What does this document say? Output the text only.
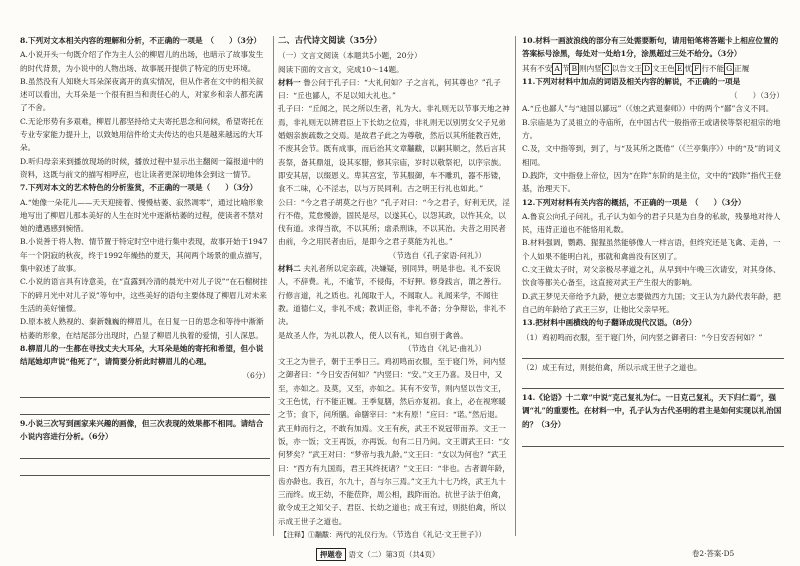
8.下列对文本相关内容的理解和分析，不正确的一项是　（　　）（3分）

A.小说开头一句既介绍了作为主人公的柳眉儿的出场，也暗示了故事发生的时代背景，为小说中的人物出场、故事展开提供了特定的历史环境。

B.虽然没有人知晓大耳朵深夜离开的真实情况，但从作者在文中的相关叙述可以看出，大耳朵是一个很有担当和责任心的人，对家乡和亲人都充满了不舍。

C.无论形势有多艰难，柳眉儿都坚持给丈夫寄托思念和问候，希望寄托在专业专家能力提升上，以致她用信件给丈夫传达的也只是越来越远的大耳朵。

D.听归母亲来到播放现场的时候，播放过程中显示出主翻阅一篇报道中的资料，这既与前文的描写相呼应，也让读者更深切地体会到这一情节。

7.下列对本文的艺术特色的分析鉴赏，不正确的一项是（　　）（3分）

A.“她像一朵花儿——天天迎接着、慢慢枯萎、寂然凋零”，通过比喻形象地写出了柳眉儿那本美好的人生在时光中逐渐枯萎的过程，使读者不禁对她的遭遇感到惋惜。

B.小说善于将人物、情节置于特定时空中进行集中表现，故事开始于1947年一个阴寂的秋夜，终于1992年燥热的夏天，其间两个场景的重点描写，集中叙述了故事。

C.小说的语言具有诗意美，在“直露到冷清的晨光中对儿子说”“在石榴树挂下的碎月光中对儿子说”等句中，这些美好的语句主要体现了柳眉儿对未来生活的美好憧憬。

D.原本被人熟视的、秦新魏巍的柳眉儿，在日复一日的思念和等待中渐渐枯萎的形象，在结尾部分出现时，凸显了柳眉儿执着的爱情，引人深思。

8.柳眉儿的一生都在寻找丈夫大耳朵，大耳朵是她的寄托和希望，但小说结尾她却声说“他死了”，请简要分析此时柳眉儿的心理。

（6分）

9.小说三次写到画家来兴趣的画像，但三次表现的效果都不相同。请结合小说内容进行分析。（6分）

二、古代诗文阅读（35分）

（一）文言文阅读（本题共5小题，20分）

阅读下面的文言文，完成10～14题。

材料一 鲁公问于孔子曰：“大礼何如？子之言礼，何其尊也？”孔子曰：“丘也鄙人，不足以知大礼也。”

孔子曰：“丘闻之，民之所以生者，礼为大。非礼则无以节事天地之神焉，非礼则无以辨君臣上下长幼之位焉，非礼则无以别男女父子兄弟婚姻亲族疏数之交焉。是故君子此之为尊敬，然后以其所能教百姓，不废其会节。既有成事，而后治其文章黼黻，以嗣其顺之，然后言其丧祭，备其鼎俎，设其豕腊，修其宗庙，岁时以敬祭祀，以序宗族。即安其居，以缀恩义。卑其宫室，节其服御，车不雕玑，器不彤镂，食不二味，心不淫志，以与万民同利。古之明王行礼也如此。”

公曰：“今之君子胡莫之行也？”孔子对曰：“今之君子，好利无厌，淫行不倦，荒怠慢游，固民是尽，以遂其心，以怨其政，以忤其众，以伐有道。求得当欲，不以其所；虐杀刑诛，不以其治。夫昔之用民者由前，今之用民者由后，是即今之君子莫能为礼也。”

（节选自《孔子家语·问礼》）

材料二 夫礼者所以定亲疏，决嫌疑，别同异，明是非也。礼不妄说人，不辞费。礼，不逾节，不侵侮，不好狎。修身践言，谓之善行。行修言道，礼之质也。礼闻取于人，不闻取人。礼闻来学，不闻往教。道德仁义，非礼不成；教训正俗，非礼不备；分争辩讼，非礼不决。

是故圣人作，为礼以教人，使人以有礼，知自别于禽兽。

（节选自《礼记·曲礼》）

文王之为世子，朝于王季日三。鸡初鸣而衣服，至于寝门外，问内竖之御者曰：“今日安否何如？”内竖曰：“安。”文王乃喜。及日中，又至，亦如之。及莫，又至，亦如之。其有不安节，则内竖以告文王，文王色忧，行不能正履。王季复膳，然后亦复初。食上，必在视寒暖之节；食下，问所膳。命膳宰曰：“末有原！”应曰：“诺。”然后退。

武王帅而行之，不敢有加焉。文王有疾，武王不说冠带而养。文王一饭，亦一饭；文王再饭，亦再饭。旬有二日乃间。文王谓武王曰：“女何梦矣？”武王对曰：“梦帝与我九龄。”文王曰：“女以为何也？”武王曰：“西方有九国焉，君王其终抚诸？”文王曰：“非也。古者谓年龄，齿亦龄也。我百，尔九十，吾与尔三焉。”文王九十七乃终，武王九十三而终。成王幼，不能莅阼，周公相，践阼而治。抗世子法于伯禽，欲令成王之知父子、君臣、长幼之道也；成王有过，则挞伯禽，所以示成王世子之道也。

（节选自《礼记·文王世子》）

10.材料一画波浪线的部分有三处需要断句，请用铅笔将答题卡上相应位置的答案标号涂黑，每处对一处给1分，涂黑超过三处不给分。（3分）

其有不安 A 节 B 则内竖 C 以告文王 D 文王色 E 忧 F 行不能 G 正履

11.下列对材料中加点的词语及相关内容的解说，不正确的一项是

（　　）（3分）

A.“丘也鄙人”与“迪国以鄙远”（《烛之武退秦师》）中的两个“鄙”含义不同。

B.宗庙是为了灵祖立的寺庙所，在中国古代一般指帝王或诸侯等祭祀祖宗的地方。

C.及，文中指等到，到了，与“及其所之既倦”（《兰亭集序》）中的“及”的词义相同。

D.践阼，文中指登上帝位，因为“在阼”东阶的是主位，文中的“践阼”指代王登基，治理天下。

12.下列对材料有关内容的概括，不正确的一项是　（　　）（3分）

A.鲁哀公向孔子问礼，孔子认为如今的君子只是为自身的私欲，残暴地对待人民，违背正道也不能恪用礼数。

B.材料强调，鹦鹉、猩猩虽然能够像人一样言语，但终究还是飞禽、走兽，一个人如果不能明白礼，那就和禽兽没有区别了。

C.文王做太子时，对父亲极尽孝道之礼，从早到中午晚三次请安，对其身体、饮食等都关心备至，这直接对武王产生很大的影响。

D.武王梦见天帝给予九龄，便立志要做西方九国；文王认为九龄代表年龄，把自己的年龄给了武王三岁，让他比父亲早死。

13.把材料中画横线的句子翻译成现代汉语。（8分）

（1）鸡初鸣而衣服，至于寝门外，问内竖之御者曰：“今日安否何如？”

（2）成王有过，则挞伯禽，所以示成王世子之道也。

14.《论语》十二章”中说“克己复礼为仁。一日克己复礼，天下归仁焉”，强调“礼”的重要性。在材料一中，孔子认为古代圣明的君主是如何实现以礼治国的？（3分）

【注释】①黼黻：两代的礼仪行为。
押题卷 语文（二）第3页（共4页）	卷2·答案·D5
